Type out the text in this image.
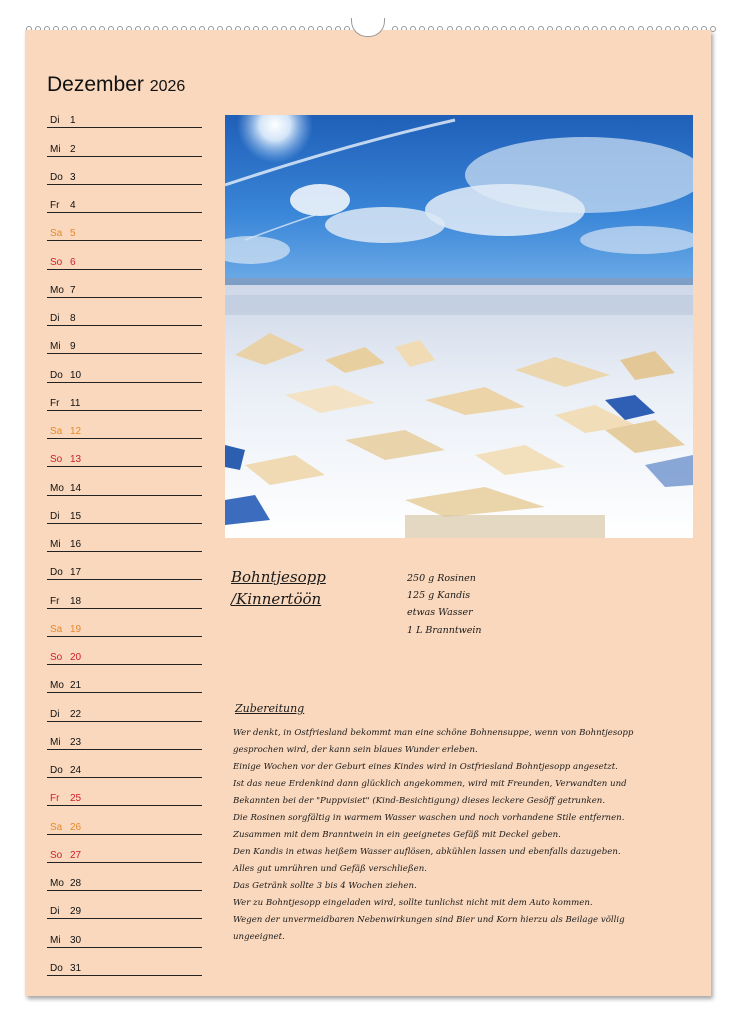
Dezember 2026
Di 1
Mi 2
Do 3
Fr 4
Sa 5
So 6
Mo 7
Di 8
Mi 9
Do 10
Fr 11
Sa 12
So 13
Mo 14
Di 15
Mi 16
Do 17
Fr 18
Sa 19
So 20
Mo 21
Di 22
Mi 23
Do 24
Fr 25
Sa 26
So 27
Mo 28
Di 29
Mi 30
Do 31
Bohntjesopp
/Kinnertöön
250 g Rosinen
125 g Kandis
etwas Wasser
1 L Branntwein
Zubereitung
Wer denkt, in Ostfriesland bekommt man eine schöne Bohnensuppe, wenn von Bohntjesopp
gesprochen wird, der kann sein blaues Wunder erleben.
Einige Wochen vor der Geburt eines Kindes wird in Ostfriesland Bohntjesopp angesetzt.
Ist das neue Erdenkind dann glücklich angekommen, wird mit Freunden, Verwandten und
Bekannten bei der "Puppvisiet" (Kind-Besichtigung) dieses leckere Gesöff getrunken.
Die Rosinen sorgfältig in warmem Wasser waschen und noch vorhandene Stile entfernen.
Zusammen mit dem Branntwein in ein geeignetes Gefäß mit Deckel geben.
Den Kandis in etwas heißem Wasser auflösen, abkühlen lassen und ebenfalls dazugeben.
Alles gut umrühren und Gefäß verschließen.
Das Getränk sollte 3 bis 4 Wochen ziehen.
Wer zu Bohntjesopp eingeladen wird, sollte tunlichst nicht mit dem Auto kommen.
Wegen der unvermeidbaren Nebenwirkungen sind Bier und Korn hierzu als Beilage völlig
ungeeignet.
